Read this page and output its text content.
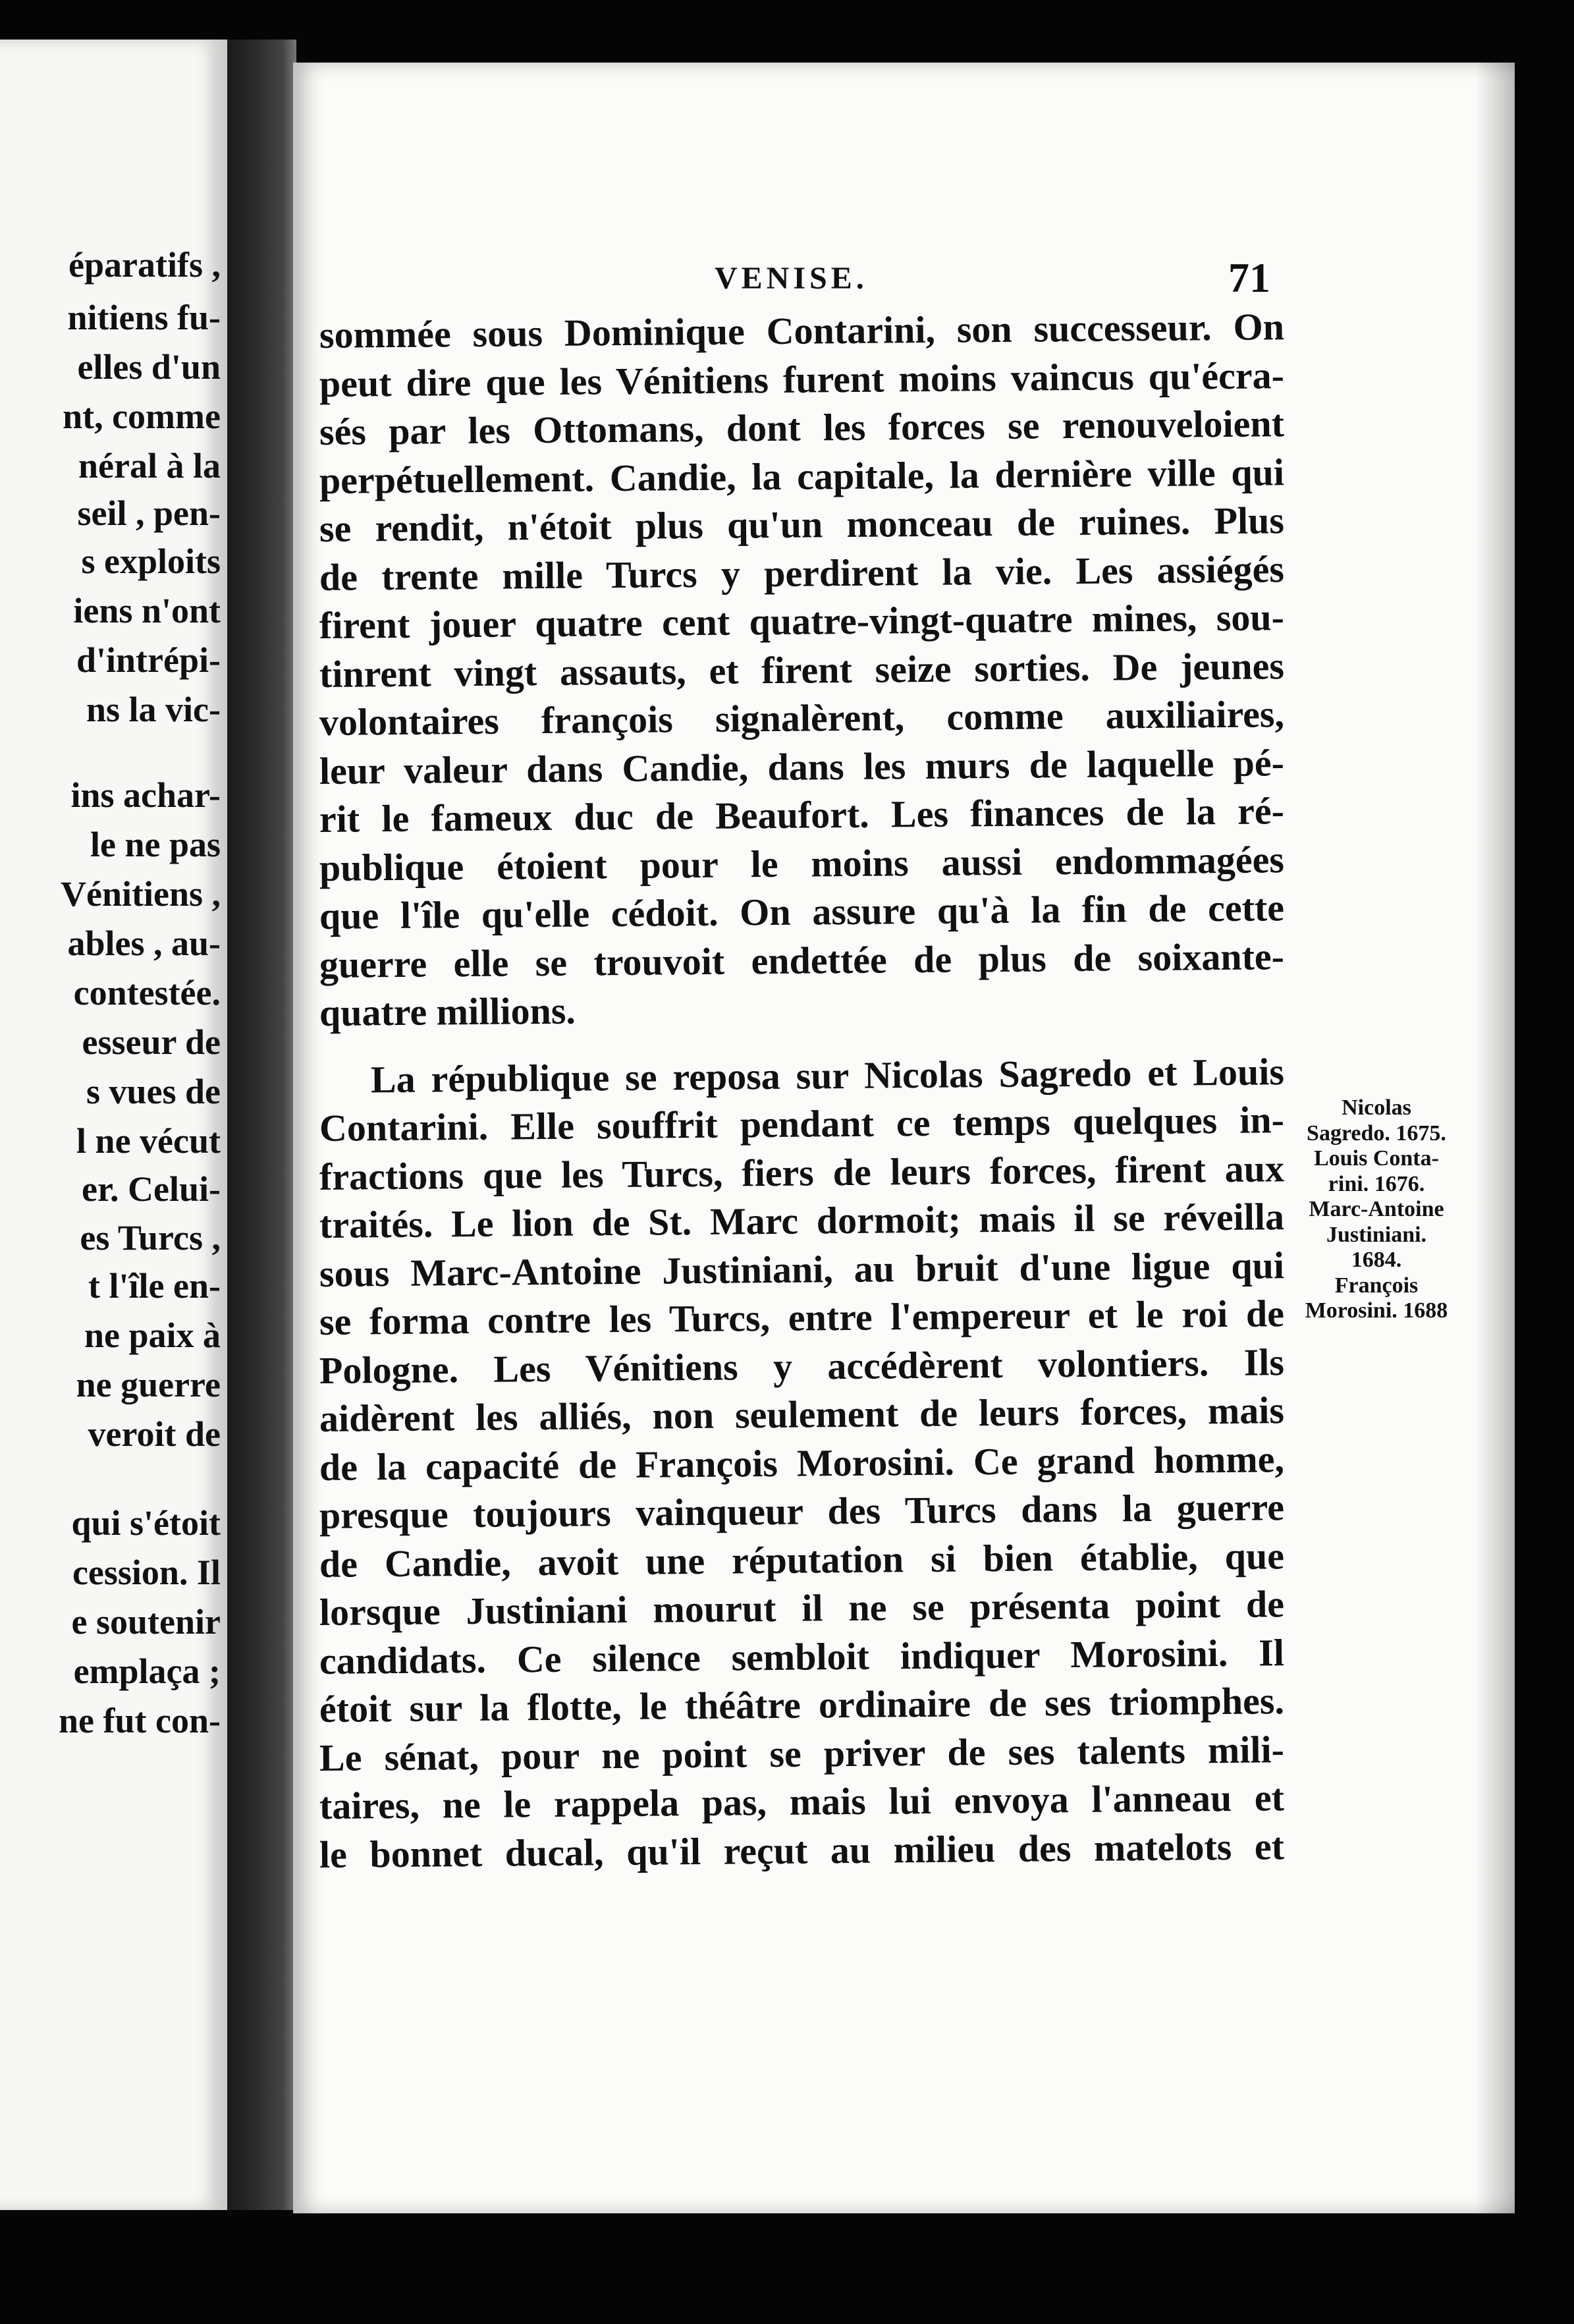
éparatifs ,
nitiens fu-
elles d'un
nt, comme
néral à la
seil , pen-
s exploits
iens n'ont
d'intrépi-
ns la vic-
ins achar-
le ne pas
Vénitiens ,
ables , au-
contestée.
esseur de
s vues de
l ne vécut
er. Celui-
es Turcs ,
t l'île en-
ne paix à
ne guerre
veroit de
qui s'étoit
cession. Il
e soutenir
emplaça ;
ne fut con-
VENISE.	71
sommée sous Dominique Contarini, son successeur. On
peut dire que les Vénitiens furent moins vaincus qu'écra-
sés par les Ottomans, dont les forces se renouveloient
perpétuellement. Candie, la capitale, la dernière ville qui
se rendit, n'étoit plus qu'un monceau de ruines. Plus
de trente mille Turcs y perdirent la vie. Les assiégés
firent jouer quatre cent quatre-vingt-quatre mines, sou-
tinrent vingt assauts, et firent seize sorties. De jeunes
volontaires françois signalèrent, comme auxiliaires,
leur valeur dans Candie, dans les murs de laquelle pé-
rit le fameux duc de Beaufort. Les finances de la ré-
publique étoient pour le moins aussi endommagées
que l'île qu'elle cédoit. On assure qu'à la fin de cette
guerre elle se trouvoit endettée de plus de soixante-
quatre millions.
La république se reposa sur Nicolas Sagredo et Louis
Contarini. Elle souffrit pendant ce temps quelques in-
fractions que les Turcs, fiers de leurs forces, firent aux
traités. Le lion de St. Marc dormoit; mais il se réveilla
sous Marc-Antoine Justiniani, au bruit d'une ligue qui
se forma contre les Turcs, entre l'empereur et le roi de
Pologne. Les Vénitiens y accédèrent volontiers. Ils
aidèrent les alliés, non seulement de leurs forces, mais
de la capacité de François Morosini. Ce grand homme,
presque toujours vainqueur des Turcs dans la guerre
de Candie, avoit une réputation si bien établie, que
lorsque Justiniani mourut il ne se présenta point de
candidats. Ce silence sembloit indiquer Morosini. Il
étoit sur la flotte, le théâtre ordinaire de ses triomphes.
Le sénat, pour ne point se priver de ses talents mili-
taires, ne le rappela pas, mais lui envoya l'anneau et
le bonnet ducal, qu'il reçut au milieu des matelots et
Nicolas
Sagredo. 1675.
Louis Conta-
rini. 1676.
Marc-Antoine
Justiniani.
1684.
François
Morosini. 1688
